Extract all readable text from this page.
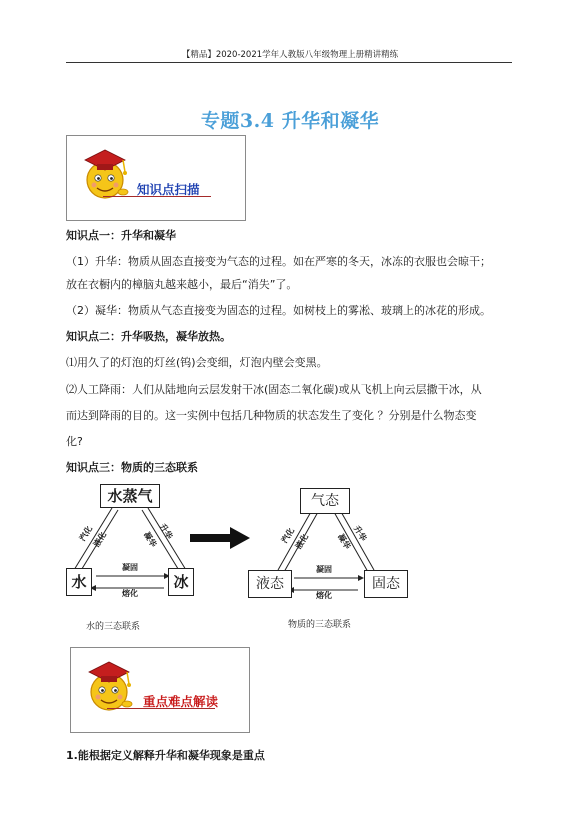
【精品】2020-2021学年人教版八年级物理上册精讲精练
专题3.4 升华和凝华
知识点扫描
知识点一：升华和凝华
（1）升华：物质从固态直接变为气态的过程。如在严寒的冬天，冰冻的衣服也会晾干；
放在衣橱内的樟脑丸越来越小，最后“消失”了。
（2）凝华：物质从气态直接变为固态的过程。如树枝上的雾凇、玻璃上的冰花的形成。
知识点二：升华吸热，凝华放热。
⑴用久了的灯泡的灯丝(钨)会变细，灯泡内壁会变黑。
⑵人工降雨：人们从陆地向云层发射干冰(固态二氧化碳)或从飞机上向云层撒干冰，从
而达到降雨的目的。这一实例中包括几种物质的状态发生了变化 ？分别是什么物态变
化?
知识点三：物质的三态联系
水蒸气
水	冰
汽化
液化	升华
凝华
凝固
熔化
水的三态联系
气态
液态	固态
汽化
液化	升华
凝华
凝固
熔化
物质的三态联系
重点难点解读
1.能根据定义解释升华和凝华现象是重点
